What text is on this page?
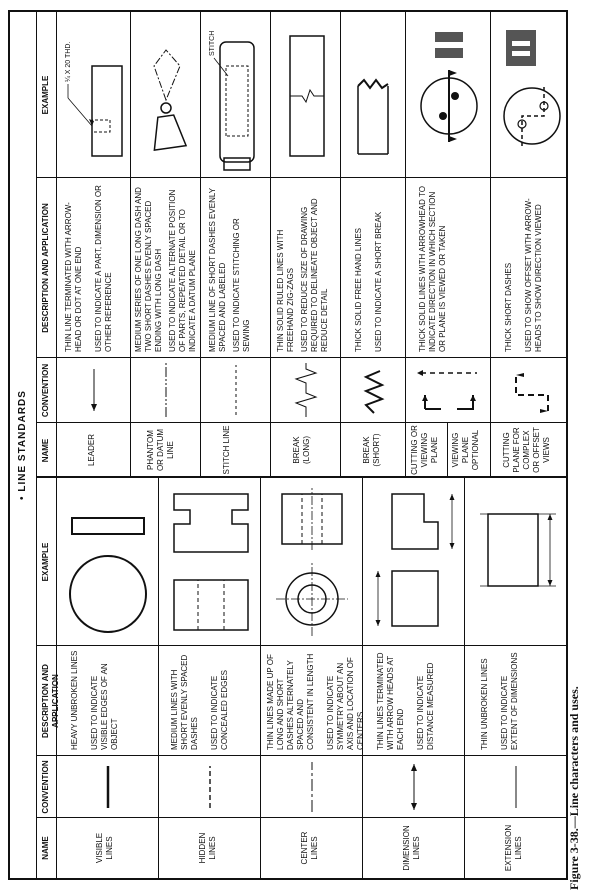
• LINE STANDARDS
NAME
CONVENTION
DESCRIPTION AND APPLICATION
EXAMPLE
NAME
CONVENTION
DESCRIPTION AND APPLICATION
EXAMPLE
VISIBLE LINES

HEAVY UNBROKEN LINES USED TO INDICATE VISIBLE EDGES OF AN OBJECT

HIDDEN LINES

MEDIUM LINES WITH SHORT EVENLY SPACED DASHES USED TO INDICATE CONCEALED EDGES

CENTER LINES

THIN LINES MADE UP OF LONG AND SHORT DASHES ALTERNATELY SPACED AND CONSISTENT IN LENGTH USED TO INDICATE SYMMETRY ABOUT AN AXIS AND LOCATION OF CENTERS

DIMENSION LINES

THIN LINES TERMINATED WITH ARROW HEADS AT EACH END USED TO INDICATE DISTANCE MEASURED

EXTENSION LINES

THIN UNBROKEN LINES USED TO INDICATE EXTENT OF DIMENSIONS

LEADER

THIN LINE TERMINATED WITH ARROW-HEAD OR DOT AT ONE END USED TO INDICATE A PART, DIMENSION OR OTHER REFERENCE

PHANTOM OR DATUM LINE

MEDIUM SERIES OF ONE LONG DASH AND TWO SHORT DASHES EVENLY SPACED ENDING WITH LONG DASH USED TO INDICATE ALTERNATE POSITION OF PARTS, REPEATED DETAIL OR TO INDICATE A DATUM PLANE

STITCH LINE

MEDIUM LINE OF SHORT DASHES EVENLY SPACED AND LABELED USED TO INDICATE STITCHING OR SEWING

BREAK (LONG)

THIN SOLID RULED LINES WITH FREEHAND ZIG-ZAGS USED TO REDUCE SIZE OF DRAWING REQUIRED TO DELINEATE OBJECT AND REDUCE DETAIL

BREAK (SHORT)

THICK SOLID FREE HAND LINES USED TO INDICATE A SHORT BREAK

CUTTING OR VIEWING PLANE VIEWING PLANE OPTIONAL

THICK SOLID LINES WITH ARROWHEAD TO INDICATE DIRECTION IN WHICH SECTION OR PLANE IS VIEWED OR TAKEN

CUTTING PLANE FOR COMPLEX OR OFFSET VIEWS

THICK SHORT DASHES USED TO SHOW OFFSET WITH ARROW-HEADS TO SHOW DIRECTION VIEWED

¼ X 20 THD.	STITCH
Figure 3-38.—Line characters and uses.
